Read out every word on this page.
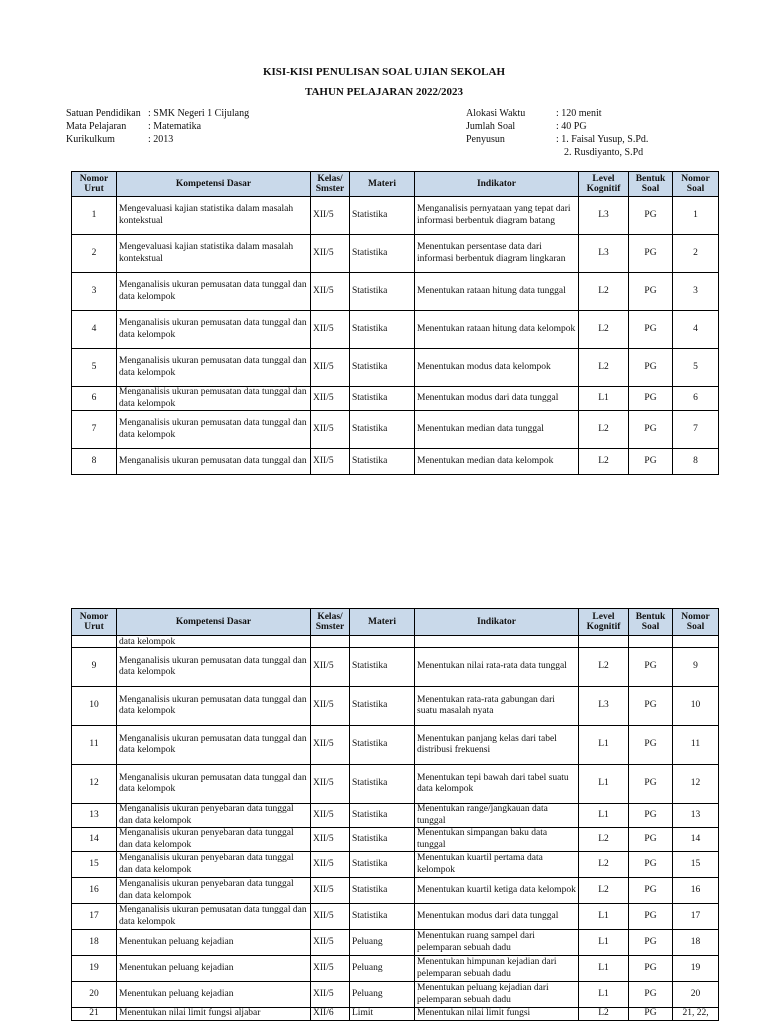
KISI-KISI PENULISAN SOAL UJIAN SEKOLAH
TAHUN PELAJARAN 2022/2023
Satuan Pendidikan : SMK Negeri 1 Cijulang
Mata Pelajaran	: Matematika
Kurikulkum	: 2013
Alokasi Waktu	: 120 menit
Jumlah Soal	: 40 PG
Penyusun	: 1. Faisal Yusup, S.Pd.
2. Rusdiyanto, S.Pd
Nomor Urut	Kompetensi Dasar	Kelas/ Smster	Materi	Indikator	Level Kognitif	Bentuk Soal	Nomor Soal
1	Mengevaluasi kajian statistika dalam masalah kontekstual	XII/5	Statistika	Menganalisis pernyataan yang tepat dari informasi berbentuk diagram batang	L3	PG	1
2	Mengevaluasi kajian statistika dalam masalah kontekstual	XII/5	Statistika	Menentukan persentase data dari informasi berbentuk diagram lingkaran	L3	PG	2
3	Menganalisis ukuran pemusatan data tunggal dan data kelompok	XII/5	Statistika	Menentukan rataan hitung data tunggal	L2	PG	3
4	Menganalisis ukuran pemusatan data tunggal dan data kelompok	XII/5	Statistika	Menentukan rataan hitung data kelompok	L2	PG	4
5	Menganalisis ukuran pemusatan data tunggal dan data kelompok	XII/5	Statistika	Menentukan modus data kelompok	L2	PG	5
6	Menganalisis ukuran pemusatan data tunggal dan data kelompok	XII/5	Statistika	Menentukan modus dari data tunggal	L1	PG	6
7	Menganalisis ukuran pemusatan data tunggal dan data kelompok	XII/5	Statistika	Menentukan median data tunggal	L2	PG	7
8	Menganalisis ukuran pemusatan data tunggal dan	XII/5	Statistika	Menentukan median data kelompok	L2	PG	8
Nomor Urut	Kompetensi Dasar	Kelas/ Smster	Materi	Indikator	Level Kognitif	Bentuk Soal	Nomor Soal
	data kelompok						
9	Menganalisis ukuran pemusatan data tunggal dan data kelompok	XII/5	Statistika	Menentukan nilai rata-rata data tunggal	L2	PG	9
10	Menganalisis ukuran pemusatan data tunggal dan data kelompok	XII/5	Statistika	Menentukan rata-rata gabungan dari suatu masalah nyata	L3	PG	10
11	Menganalisis ukuran pemusatan data tunggal dan data kelompok	XII/5	Statistika	Menentukan panjang kelas dari tabel distribusi frekuensi	L1	PG	11
12	Menganalisis ukuran pemusatan data tunggal dan data kelompok	XII/5	Statistika	Menentukan tepi bawah dari tabel suatu data kelompok	L1	PG	12
13	Menganalisis ukuran penyebaran data tunggal dan data kelompok	XII/5	Statistika	Menentukan range/jangkauan data tunggal	L1	PG	13
14	Menganalisis ukuran penyebaran data tunggal dan data kelompok	XII/5	Statistika	Menentukan simpangan baku data tunggal	L2	PG	14
15	Menganalisis ukuran penyebaran data tunggal dan data kelompok	XII/5	Statistika	Menentukan kuartil pertama data kelompok	L2	PG	15
16	Menganalisis ukuran penyebaran data tunggal dan data kelompok	XII/5	Statistika	Menentukan kuartil ketiga data kelompok	L2	PG	16
17	Menganalisis ukuran pemusatan data tunggal dan data kelompok	XII/5	Statistika	Menentukan modus dari data tunggal	L1	PG	17
18	Menentukan peluang kejadian	XII/5	Peluang	Menentukan ruang sampel dari pelemparan sebuah dadu	L1	PG	18
19	Menentukan peluang kejadian	XII/5	Peluang	Menentukan himpunan kejadian dari pelemparan sebuah dadu	L1	PG	19
20	Menentukan peluang kejadian	XII/5	Peluang	Menentukan peluang kejadian dari pelemparan sebuah dadu	L1	PG	20
21	Menentukan nilai limit fungsi aljabar	XII/6	Limit	Menentukan nilai limit fungsi	L2	PG	21, 22,
